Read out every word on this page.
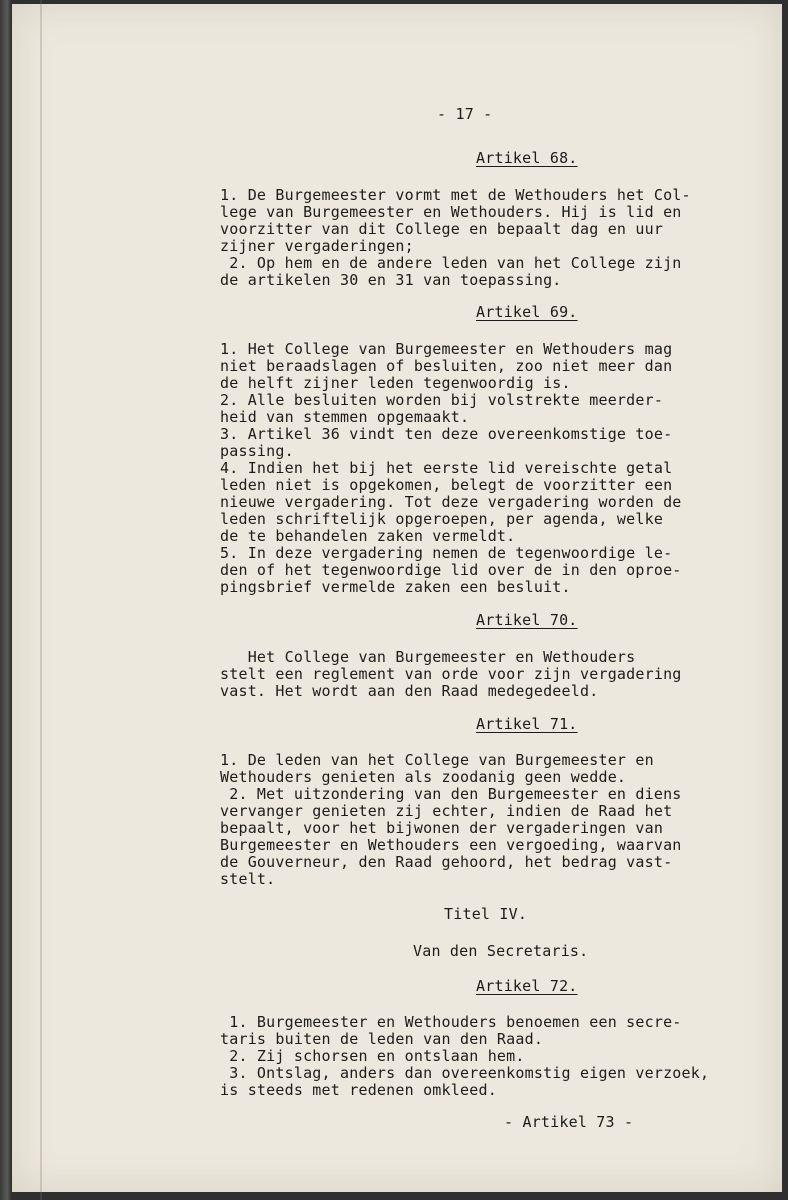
- 17 -
Artikel 68.
1. De Burgemeester vormt met de Wethouders het Col-
lege van Burgemeester en Wethouders. Hij is lid en
voorzitter van dit College en bepaalt dag en uur
zijner vergaderingen;
2. Op hem en de andere leden van het College zijn
de artikelen 30 en 31 van toepassing.
Artikel 69.
1. Het College van Burgemeester en Wethouders mag
niet beraadslagen of besluiten, zoo niet meer dan
de helft zijner leden tegenwoordig is.
2. Alle besluiten worden bij volstrekte meerder-
heid van stemmen opgemaakt.
3. Artikel 36 vindt ten deze overeenkomstige toe-
passing.
4. Indien het bij het eerste lid vereischte getal
leden niet is opgekomen, belegt de voorzitter een
nieuwe vergadering. Tot deze vergadering worden de
leden schriftelijk opgeroepen, per agenda, welke
de te behandelen zaken vermeldt.
5. In deze vergadering nemen de tegenwoordige le-
den of het tegenwoordige lid over de in den oproe-
pingsbrief vermelde zaken een besluit.
Artikel 70.
Het College van Burgemeester en Wethouders
stelt een reglement van orde voor zijn vergadering
vast. Het wordt aan den Raad medegedeeld.
Artikel 71.
1. De leden van het College van Burgemeester en
Wethouders genieten als zoodanig geen wedde.
2. Met uitzondering van den Burgemeester en diens
vervanger genieten zij echter, indien de Raad het
bepaalt, voor het bijwonen der vergaderingen van
Burgemeester en Wethouders een vergoeding, waarvan
de Gouverneur, den Raad gehoord, het bedrag vast-
stelt.
Titel IV.
Van den Secretaris.
Artikel 72.
1. Burgemeester en Wethouders benoemen een secre-
taris buiten de leden van den Raad.
2. Zij schorsen en ontslaan hem.
3. Ontslag, anders dan overeenkomstig eigen verzoek,
is steeds met redenen omkleed.
- Artikel 73 -
